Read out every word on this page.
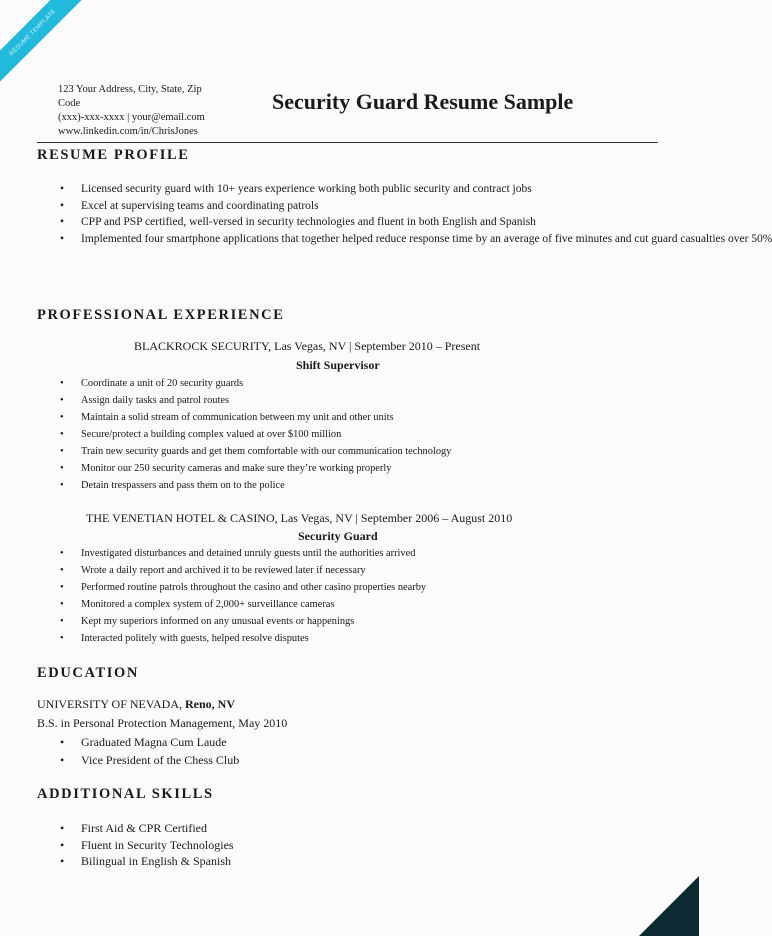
RESUME TEMPLATE
123 Your Address, City, State, Zip
Code
(xxx)-xxx-xxxx | your@email.com
www.linkedin.com/in/ChrisJones
Security Guard Resume Sample
RESUME PROFILE
• Licensed security guard with 10+ years experience working both public security and contract jobs
• Excel at supervising teams and coordinating patrols
• CPP and PSP certified, well-versed in security technologies and fluent in both English and Spanish
• Implemented four smartphone applications that together helped reduce response time by an average of five minutes and cut guard casualties over 50%
PROFESSIONAL EXPERIENCE
BLACKROCK SECURITY, Las Vegas, NV | September 2010 – Present
Shift Supervisor
• Coordinate a unit of 20 security guards
• Assign daily tasks and patrol routes
• Maintain a solid stream of communication between my unit and other units
• Secure/protect a building complex valued at over $100 million
• Train new security guards and get them comfortable with our communication technology
• Monitor our 250 security cameras and make sure they’re working properly
• Detain trespassers and pass them on to the police
THE VENETIAN HOTEL & CASINO, Las Vegas, NV | September 2006 – August 2010
Security Guard
• Investigated disturbances and detained unruly guests until the authorities arrived
• Wrote a daily report and archived it to be reviewed later if necessary
• Performed routine patrols throughout the casino and other casino properties nearby
• Monitored a complex system of 2,000+ surveillance cameras
• Kept my superiors informed on any unusual events or happenings
• Interacted politely with guests, helped resolve disputes
EDUCATION
UNIVERSITY OF NEVADA, Reno, NV
B.S. in Personal Protection Management, May 2010
• Graduated Magna Cum Laude
• Vice President of the Chess Club
ADDITIONAL SKILLS
• First Aid & CPR Certified
• Fluent in Security Technologies
• Bilingual in English & Spanish
